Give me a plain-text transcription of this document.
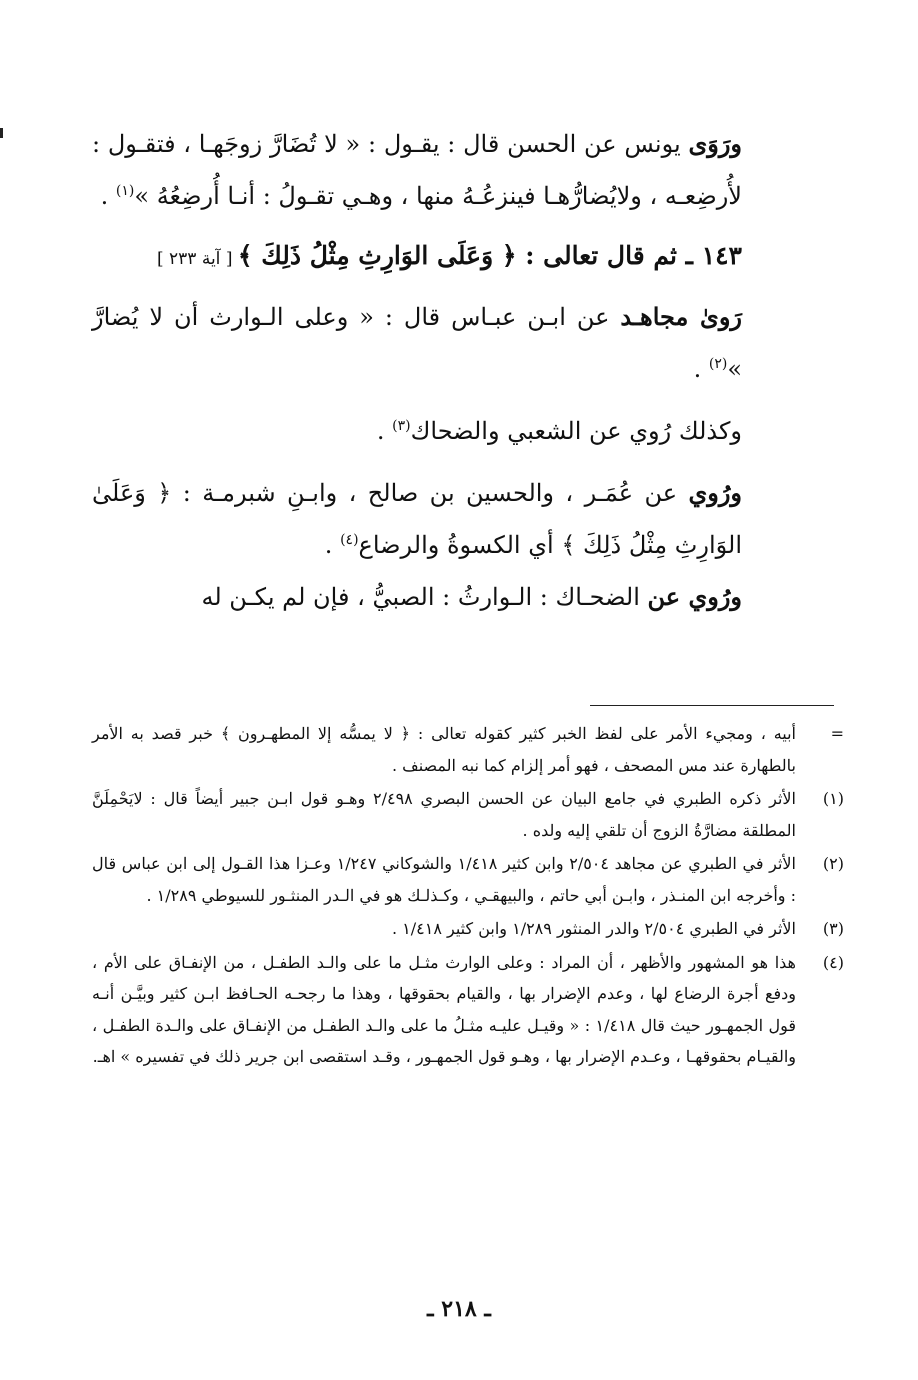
ورَوَى يونس عن الحسن قال : يقـول : « لا تُضَارَّ زوجَهـا ، فتقـول : لأُرضِعـه ، ولايُضارُّهـا فينزعُـهُ منها ، وهـي تقـولُ : أنـا أُرضِعُهُ »$^{(١)}$ .

١٤٣ ـ ثم قال تعالى : ﴿ وَعَلَى الوَارِثِ مِثْلُ ذَلِكَ ﴾ [ آية ٢٣٣ ]

رَوىٰ مجاهـد عن ابـن عبـاس قال : « وعلى الـوارث أن لا يُضارَّ »$^{(٢)}$ .

وكذلك رُوي عن الشعبي والضحاك$^{(٣)}$ .

ورُوي عن عُمَـر ، والحسين بن صالح ، وابـنِ شبرمـة : ﴿ وَعَلَىٰ الوَارِثِ مِثْلُ ذَلِكَ ﴾ أي الكسوةُ والرضاع$^{(٤)}$ .

ورُوي عن الضحـاك : الـوارثُ : الصبيُّ ، فإن لم يكـن له

=
أبيه ، ومجيء الأمر على لفظ الخبر كثير كقوله تعالى : ﴿ لا يمسُّه إلا المطهـرون ﴾ خبر قصد به الأمر بالطهارة عند مس المصحف ، فهو أمر إلزام كما نبه المصنف .
(١)
الأثر ذكره الطبري في جامع البيان عن الحسن البصري ٢/٤٩٨ وهـو قول ابـن جبير أيضاً قال : لايَحْمِلَنَّ المطلقة مضارَّةُ الزوج أن تلقي إليه ولده .
(٢)
الأثر في الطبري عن مجاهد ٢/٥٠٤ وابن كثير ١/٤١٨ والشوكاني ١/٢٤٧ وعـزا هذا القـول إلى ابن عباس قال : وأخرجه ابن المنـذر ، وابـن أبي حاتم ، والبيهقـي ، وكـذلـك هو في الـدر المنثـور للسيوطي ١/٢٨٩ .
(٣)
الأثر في الطبري ٢/٥٠٤ والدر المنثور ١/٢٨٩ وابن كثير ١/٤١٨ .
(٤)
هذا هو المشهور والأظهر ، أن المراد : وعلى الوارث مثـل ما على والـد الطفـل ، من الإنفـاق على الأم ، ودفع أجرة الرضاع لها ، وعدم الإضرار بها ، والقيام بحقوقها ، وهذا ما رجحـه الحـافظ ابـن كثير وبيَّـن أنـه قول الجمهـور حيث قال ١/٤١٨ : « وقيـل عليـه مثـلُ ما على والـد الطفـل من الإنفـاق على والـدة الطفـل ، والقيـام بحقوقهـا ، وعـدم الإضرار بها ، وهـو قول الجمهـور ، وقـد استقصى ابن جرير ذلك في تفسيره » اهـ.
ـ ٢١٨ ـ
